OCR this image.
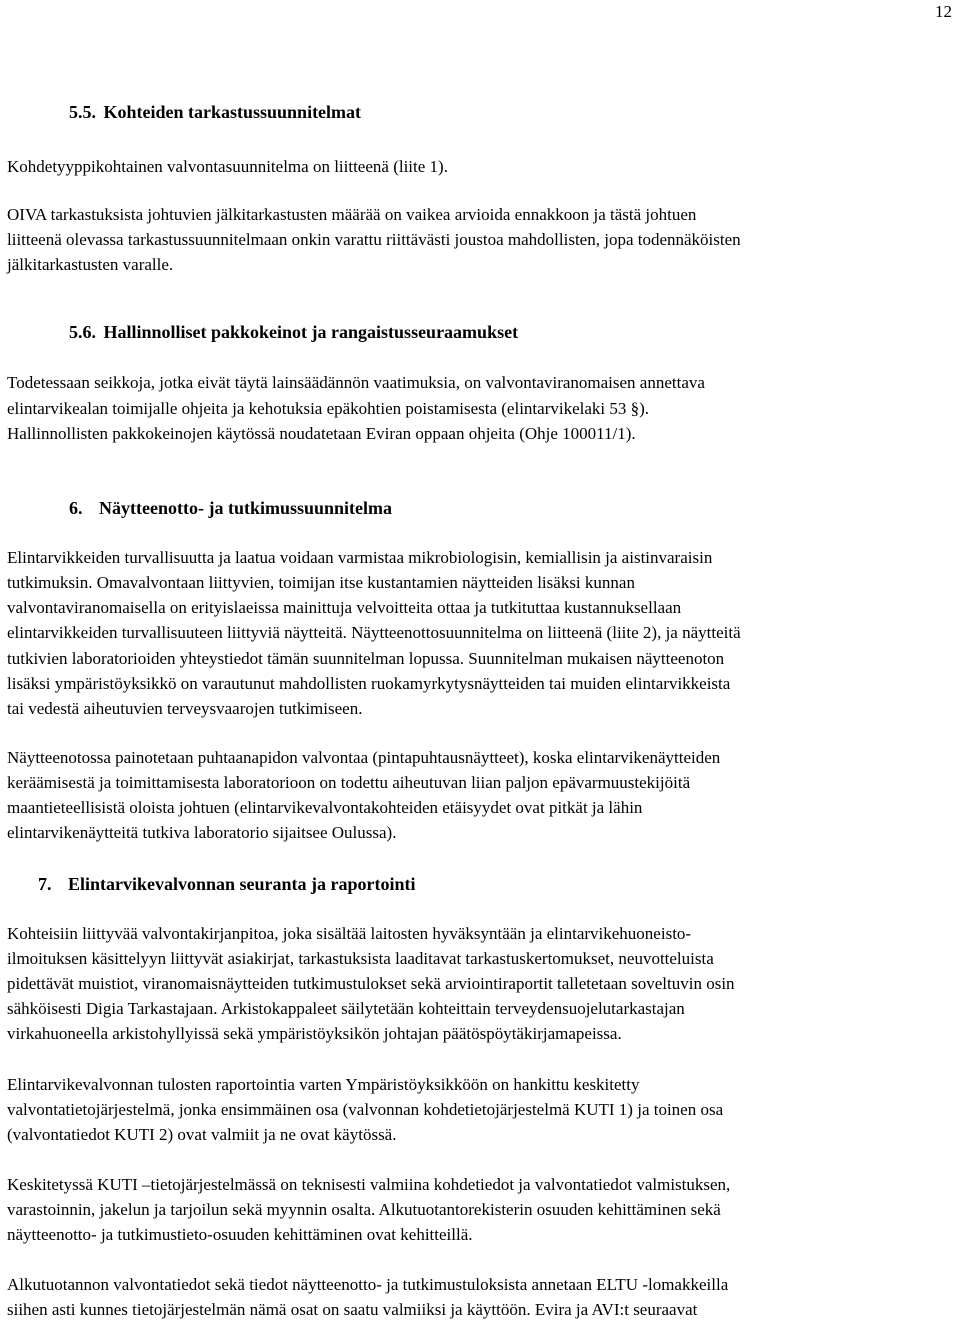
12
5.5. Kohteiden tarkastussuunnitelmat
Kohdetyyppikohtainen valvontasuunnitelma on liitteenä (liite 1).
OIVA tarkastuksista johtuvien jälkitarkastusten määrää on vaikea arvioida ennakkoon ja tästä johtuen
liitteenä olevassa tarkastussuunnitelmaan onkin varattu riittävästi joustoa mahdollisten, jopa todennäköisten
jälkitarkastusten varalle.
5.6. Hallinnolliset pakkokeinot ja rangaistusseuraamukset
Todetessaan seikkoja, jotka eivät täytä lainsäädännön vaatimuksia, on valvontaviranomaisen annettava
elintarvikealan toimijalle ohjeita ja kehotuksia epäkohtien poistamisesta (elintarvikelaki 53 §).
Hallinnollisten pakkokeinojen käytössä noudatetaan Eviran oppaan ohjeita (Ohje 100011/1).
6. Näytteenotto- ja tutkimussuunnitelma
Elintarvikkeiden turvallisuutta ja laatua voidaan varmistaa mikrobiologisin, kemiallisin ja aistinvaraisin
tutkimuksin. Omavalvontaan liittyvien, toimijan itse kustantamien näytteiden lisäksi kunnan
valvontaviranomaisella on erityislaeissa mainittuja velvoitteita ottaa ja tutkituttaa kustannuksellaan
elintarvikkeiden turvallisuuteen liittyviä näytteitä. Näytteenottosuunnitelma on liitteenä (liite 2), ja näytteitä
tutkivien laboratorioiden yhteystiedot tämän suunnitelman lopussa. Suunnitelman mukaisen näytteenoton
lisäksi ympäristöyksikkö on varautunut mahdollisten ruokamyrkytysnäytteiden tai muiden elintarvikkeista
tai vedestä aiheutuvien terveysvaarojen tutkimiseen.
Näytteenotossa painotetaan puhtaanapidon valvontaa (pintapuhtausnäytteet), koska elintarvikenäytteiden
keräämisestä ja toimittamisesta laboratorioon on todettu aiheutuvan liian paljon epävarmuustekijöitä
maantieteellisistä oloista johtuen (elintarvikevalvontakohteiden etäisyydet ovat pitkät ja lähin
elintarvikenäytteitä tutkiva laboratorio sijaitsee Oulussa).
7. Elintarvikevalvonnan seuranta ja raportointi
Kohteisiin liittyvää valvontakirjanpitoa, joka sisältää laitosten hyväksyntään ja elintarvikehuoneisto-
ilmoituksen käsittelyyn liittyvät asiakirjat, tarkastuksista laaditavat tarkastuskertomukset, neuvotteluista
pidettävät muistiot, viranomaisnäytteiden tutkimustulokset sekä arviointiraportit talletetaan soveltuvin osin
sähköisesti Digia Tarkastajaan. Arkistokappaleet säilytetään kohteittain terveydensuojelutarkastajan
virkahuoneella arkistohyllyissä sekä ympäristöyksikön johtajan päätöspöytäkirjamapeissa.
Elintarvikevalvonnan tulosten raportointia varten Ympäristöyksikköön on hankittu keskitetty
valvontatietojärjestelmä, jonka ensimmäinen osa (valvonnan kohdetietojärjestelmä KUTI 1) ja toinen osa
(valvontatiedot KUTI 2) ovat valmiit ja ne ovat käytössä.
Keskitetyssä KUTI –tietojärjestelmässä on teknisesti valmiina kohdetiedot ja valvontatiedot valmistuksen,
varastoinnin, jakelun ja tarjoilun sekä myynnin osalta. Alkutuotantorekisterin osuuden kehittäminen sekä
näytteenotto- ja tutkimustieto-osuuden kehittäminen ovat kehitteillä.
Alkutuotannon valvontatiedot sekä tiedot näytteenotto- ja tutkimustuloksista annetaan ELTU -lomakkeilla
siihen asti kunnes tietojärjestelmän nämä osat on saatu valmiiksi ja käyttöön. Evira ja AVI:t seuraavat
